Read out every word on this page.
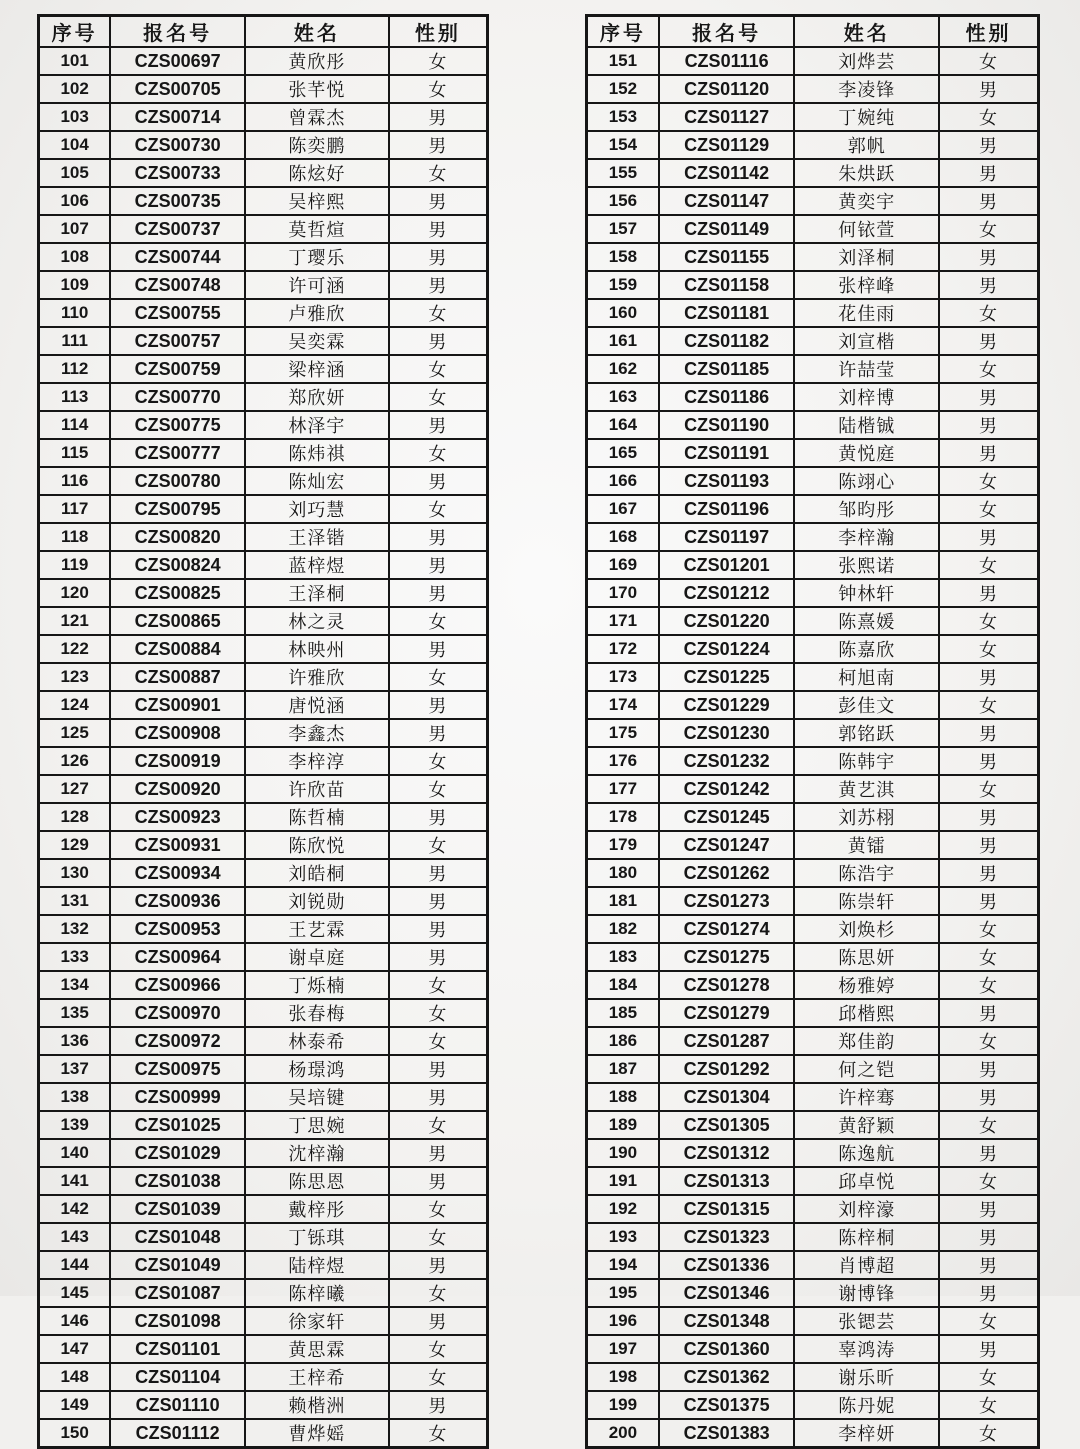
序号	报名号	姓名	性别
101	CZS00697	黄欣彤	女
102	CZS00705	张芊悦	女
103	CZS00714	曾霖杰	男
104	CZS00730	陈奕鹏	男
105	CZS00733	陈炫好	女
106	CZS00735	吴梓熙	男
107	CZS00737	莫哲煊	男
108	CZS00744	丁璎乐	男
109	CZS00748	许可涵	男
110	CZS00755	卢雅欣	女
111	CZS00757	吴奕霖	男
112	CZS00759	梁梓涵	女
113	CZS00770	郑欣妍	女
114	CZS00775	林泽宇	男
115	CZS00777	陈炜祺	女
116	CZS00780	陈灿宏	男
117	CZS00795	刘巧慧	女
118	CZS00820	王泽锴	男
119	CZS00824	蓝梓煜	男
120	CZS00825	王泽桐	男
121	CZS00865	林之灵	女
122	CZS00884	林映州	男
123	CZS00887	许雅欣	女
124	CZS00901	唐悦涵	男
125	CZS00908	李鑫杰	男
126	CZS00919	李梓淳	女
127	CZS00920	许欣苗	女
128	CZS00923	陈哲楠	男
129	CZS00931	陈欣悦	女
130	CZS00934	刘皓桐	男
131	CZS00936	刘锐勋	男
132	CZS00953	王艺霖	男
133	CZS00964	谢卓庭	男
134	CZS00966	丁烁楠	女
135	CZS00970	张春梅	女
136	CZS00972	林泰希	女
137	CZS00975	杨璟鸿	男
138	CZS00999	吴培键	男
139	CZS01025	丁思婉	女
140	CZS01029	沈梓瀚	男
141	CZS01038	陈思恩	男
142	CZS01039	戴梓彤	女
143	CZS01048	丁铄琪	女
144	CZS01049	陆梓煜	男
145	CZS01087	陈梓曦	女
146	CZS01098	徐家轩	男
147	CZS01101	黄思霖	女
148	CZS01104	王梓希	女
149	CZS01110	赖楷洲	男
150	CZS01112	曹烨媱	女
序号	报名号	姓名	性别
151	CZS01116	刘烨芸	女
152	CZS01120	李凌锋	男
153	CZS01127	丁婉纯	女
154	CZS01129	郭帆	男
155	CZS01142	朱烘跃	男
156	CZS01147	黄奕宇	男
157	CZS01149	何铱萱	女
158	CZS01155	刘泽桐	男
159	CZS01158	张梓峰	男
160	CZS01181	花佳雨	女
161	CZS01182	刘宣楷	男
162	CZS01185	许喆莹	女
163	CZS01186	刘梓博	男
164	CZS01190	陆楷铖	男
165	CZS01191	黄悦庭	男
166	CZS01193	陈翊心	女
167	CZS01196	邹昀彤	女
168	CZS01197	李梓瀚	男
169	CZS01201	张熙诺	女
170	CZS01212	钟林轩	男
171	CZS01220	陈熹媛	女
172	CZS01224	陈嘉欣	女
173	CZS01225	柯旭南	男
174	CZS01229	彭佳文	女
175	CZS01230	郭铭跃	男
176	CZS01232	陈韩宇	男
177	CZS01242	黄艺淇	女
178	CZS01245	刘苏栩	男
179	CZS01247	黄镭	男
180	CZS01262	陈浩宇	男
181	CZS01273	陈崇轩	男
182	CZS01274	刘焕杉	女
183	CZS01275	陈思妍	女
184	CZS01278	杨雅婷	女
185	CZS01279	邱楷熙	男
186	CZS01287	郑佳韵	女
187	CZS01292	何之铠	男
188	CZS01304	许梓骞	男
189	CZS01305	黄舒颖	女
190	CZS01312	陈逸航	男
191	CZS01313	邱卓悦	女
192	CZS01315	刘梓濠	男
193	CZS01323	陈梓桐	男
194	CZS01336	肖博超	男
195	CZS01346	谢博锋	男
196	CZS01348	张锶芸	女
197	CZS01360	辜鸿涛	男
198	CZS01362	谢乐昕	女
199	CZS01375	陈丹妮	女
200	CZS01383	李梓妍	女
